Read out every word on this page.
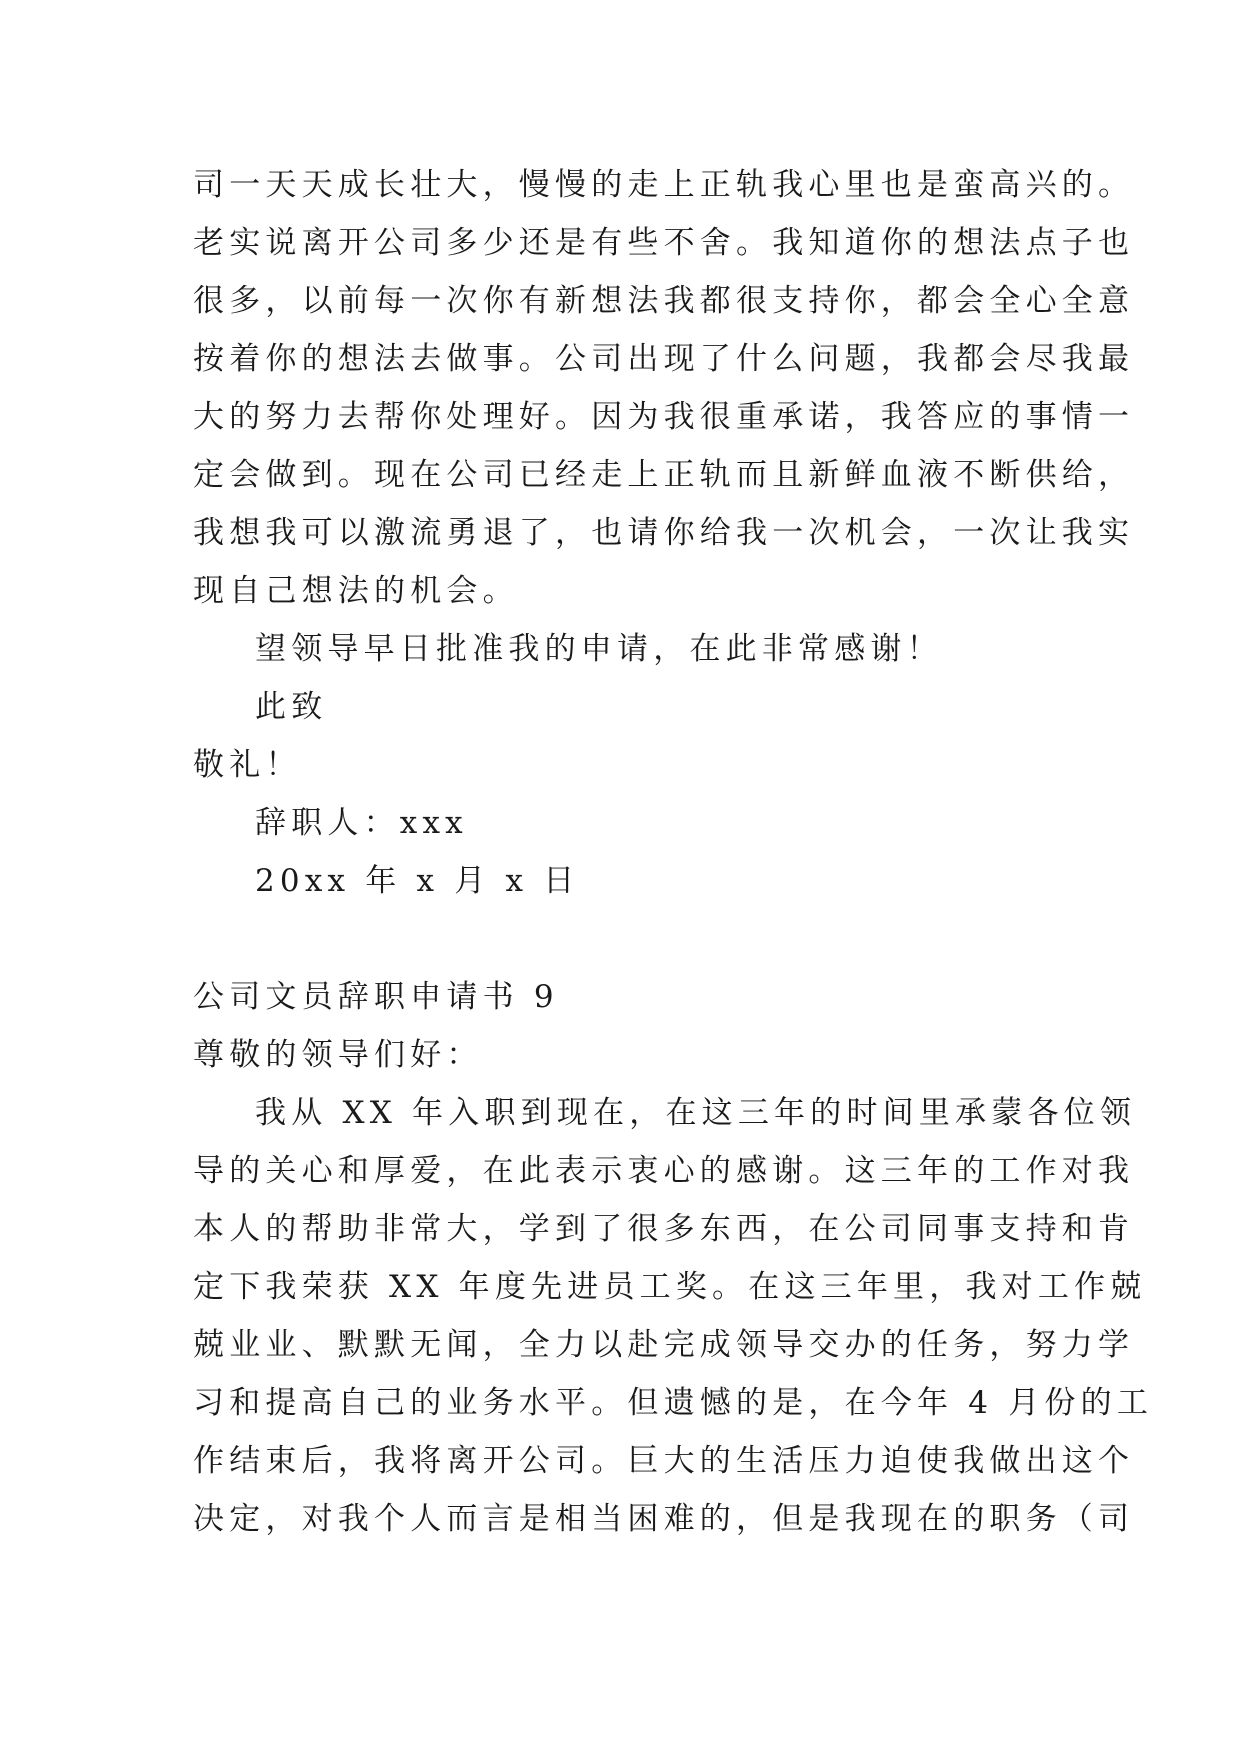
司一天天成长壮大，慢慢的走上正轨我心里也是蛮高兴的。
老实说离开公司多少还是有些不舍。我知道你的想法点子也
很多，以前每一次你有新想法我都很支持你，都会全心全意
按着你的想法去做事。公司出现了什么问题，我都会尽我最
大的努力去帮你处理好。因为我很重承诺，我答应的事情一
定会做到。现在公司已经走上正轨而且新鲜血液不断供给，
我想我可以激流勇退了，也请你给我一次机会，一次让我实
现自己想法的机会。
望领导早日批准我的申请，在此非常感谢！
此致
敬礼！
辞职人：xxx
20xx 年 x 月 x 日
公司文员辞职申请书 9
尊敬的领导们好：
我从 XX 年入职到现在，在这三年的时间里承蒙各位领
导的关心和厚爱，在此表示衷心的感谢。这三年的工作对我
本人的帮助非常大，学到了很多东西，在公司同事支持和肯
定下我荣获 XX 年度先进员工奖。在这三年里，我对工作兢
兢业业、默默无闻，全力以赴完成领导交办的任务，努力学
习和提高自己的业务水平。但遗憾的是，在今年 4 月份的工
作结束后，我将离开公司。巨大的生活压力迫使我做出这个
决定，对我个人而言是相当困难的，但是我现在的职务（司
